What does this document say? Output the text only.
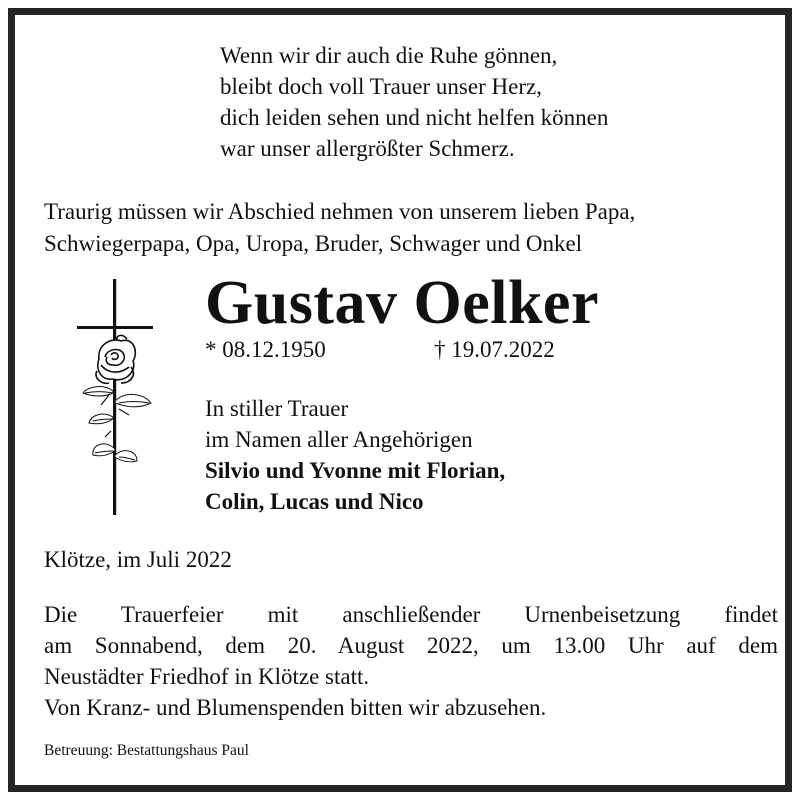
Wenn wir dir auch die Ruhe gönnen,
bleibt doch voll Trauer unser Herz,
dich leiden sehen und nicht helfen können
war unser allergrößter Schmerz.
Traurig müssen wir Abschied nehmen von unserem lieben Papa,
Schwiegerpapa, Opa, Uropa, Bruder, Schwager und Onkel
Gustav Oelker
* 08.12.1950	† 19.07.2022
In stiller Trauer
im Namen aller Angehörigen
Silvio und Yvonne mit Florian,
Colin, Lucas und Nico
Klötze, im Juli 2022
Die Trauerfeier mit anschließender Urnenbeisetzung findet
am Sonnabend, dem 20. August 2022, um 13.00 Uhr auf dem
Neustädter Friedhof in Klötze statt.
Von Kranz- und Blumenspenden bitten wir abzusehen.
Betreuung: Bestattungshaus Paul
